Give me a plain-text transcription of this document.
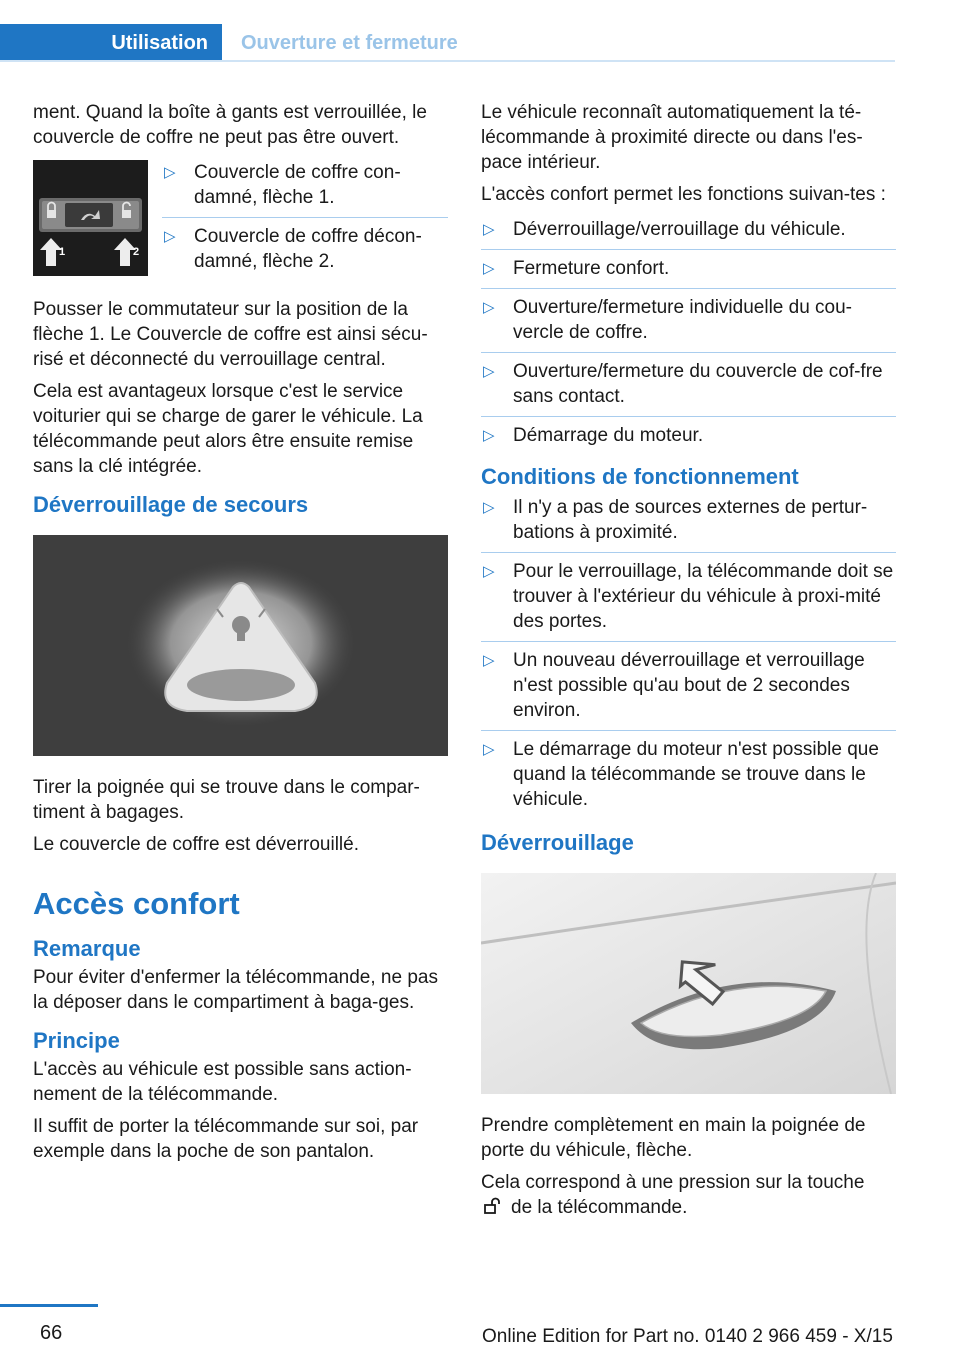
Utilisation	Ouverture et fermeture

ment. Quand la boîte à gants est verrouillée, le couvercle de coffre ne peut pas être ouvert.

1	2
▷ Couvercle de coffre con‐damné, flèche 1.
▷ Couvercle de coffre décon‐damné, flèche 2.

Pousser le commutateur sur la position de la flèche 1. Le Couvercle de coffre est ainsi sécu‐risé et déconnecté du verrouillage central.

Cela est avantageux lorsque c'est le service voiturier qui se charge de garer le véhicule. La télécommande peut alors être ensuite remise sans la clé intégrée.

Déverrouillage de secours

Tirer la poignée qui se trouve dans le compar‐timent à bagages.

Le couvercle de coffre est déverrouillé.

Accès confort
Remarque

Pour éviter d'enfermer la télécommande, ne pas la déposer dans le compartiment à baga‐ges.

Principe

L'accès au véhicule est possible sans action‐nement de la télécommande.

Il suffit de porter la télécommande sur soi, par exemple dans la poche de son pantalon.

Le véhicule reconnaît automatiquement la té‐lécommande à proximité directe ou dans l'es‐pace intérieur.

L'accès confort permet les fonctions suivan‐tes :

▷ Déverrouillage/verrouillage du véhicule.
▷ Fermeture confort.
▷ Ouverture/fermeture individuelle du cou‐vercle de coffre.
▷ Ouverture/fermeture du couvercle de cof‐fre sans contact.
▷ Démarrage du moteur.
Conditions de fonctionnement
▷ Il n'y a pas de sources externes de pertur‐bations à proximité.
▷ Pour le verrouillage, la télécommande doit se trouver à l'extérieur du véhicule à proxi‐mité des portes.
▷ Un nouveau déverrouillage et verrouillage n'est possible qu'au bout de 2 secondes environ.
▷ Le démarrage du moteur n'est possible que quand la télécommande se trouve dans le véhicule.
Déverrouillage

Prendre complètement en main la poignée de porte du véhicule, flèche.

Cela correspond à une pression sur la touche
de la télécommande.

66	Online Edition for Part no. 0140 2 966 459 - X/15
